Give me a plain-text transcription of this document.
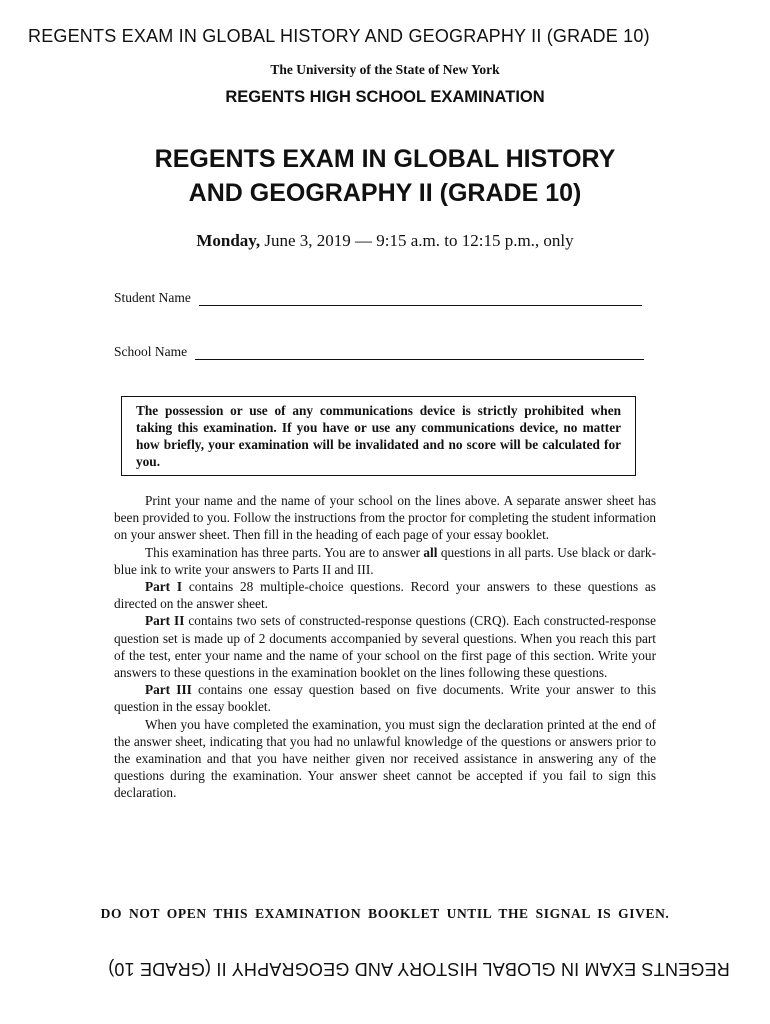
REGENTS EXAM IN GLOBAL HISTORY AND GEOGRAPHY II (GRADE 10)
The University of the State of New York
REGENTS HIGH SCHOOL EXAMINATION
REGENTS EXAM IN GLOBAL HISTORY
AND GEOGRAPHY II (GRADE 10)
Monday, June 3, 2019 — 9:15 a.m. to 12:15 p.m., only
Student Name
School Name
The possession or use of any communications device is strictly prohibited when taking this examination. If you have or use any communications device, no matter how briefly, your examination will be invalidated and no score will be calculated for you.

Print your name and the name of your school on the lines above. A separate answer sheet has been provided to you. Follow the instructions from the proctor for completing the student information on your answer sheet. Then fill in the heading of each page of your essay booklet.

This examination has three parts. You are to answer all questions in all parts. Use black or dark-blue ink to write your answers to Parts II and III.

Part I contains 28 multiple-choice questions. Record your answers to these questions as directed on the answer sheet.

Part II contains two sets of constructed-response questions (CRQ). Each constructed-response question set is made up of 2 documents accompanied by several questions. When you reach this part of the test, enter your name and the name of your school on the first page of this section. Write your answers to these questions in the examination booklet on the lines following these questions.

Part III contains one essay question based on five documents. Write your answer to this question in the essay booklet.

When you have completed the examination, you must sign the declaration printed at the end of the answer sheet, indicating that you had no unlawful knowledge of the questions or answers prior to the examination and that you have neither given nor received assistance in answering any of the questions during the examination. Your answer sheet cannot be accepted if you fail to sign this declaration.

DO NOT OPEN THIS EXAMINATION BOOKLET UNTIL THE SIGNAL IS GIVEN.
REGENTS EXAM IN GLOBAL HISTORY AND GEOGRAPHY II (GRADE 10)
